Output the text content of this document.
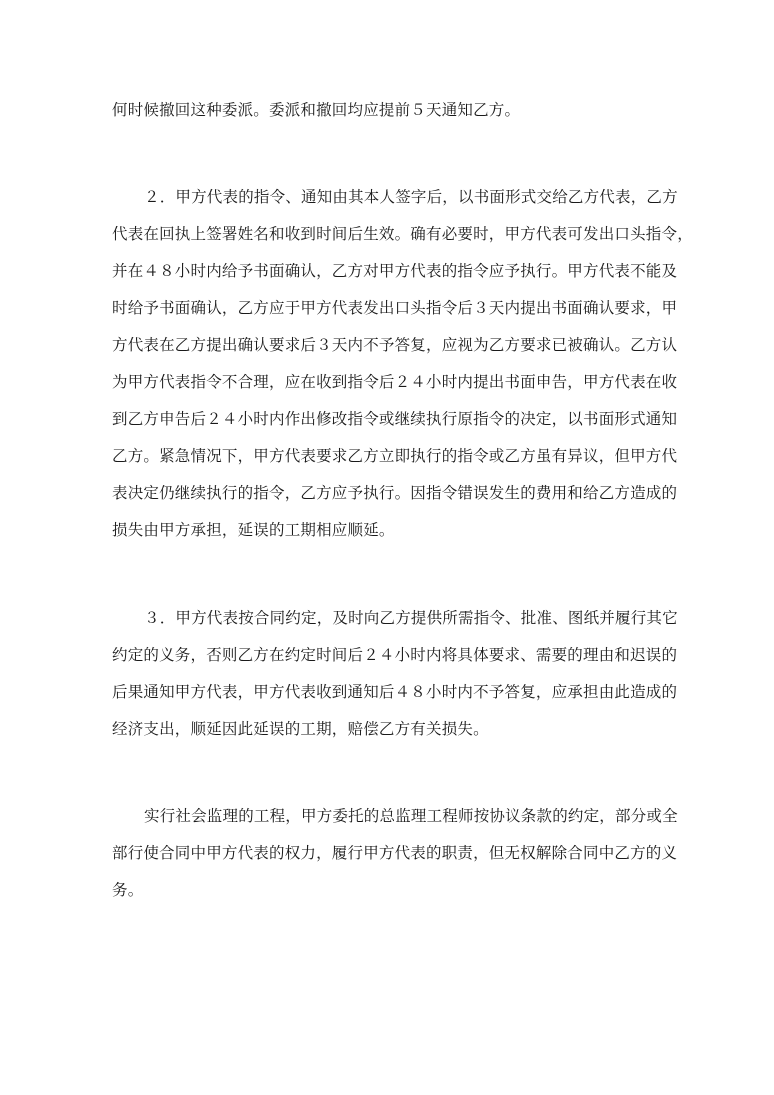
何时候撤回这种委派。委派和撤回均应提前５天通知乙方。
２．甲方代表的指令、通知由其本人签字后，以书面形式交给乙方代表，乙方
代表在回执上签署姓名和收到时间后生效。确有必要时，甲方代表可发出口头指令，
并在４８小时内给予书面确认，乙方对甲方代表的指令应予执行。甲方代表不能及
时给予书面确认，乙方应于甲方代表发出口头指令后３天内提出书面确认要求，甲
方代表在乙方提出确认要求后３天内不予答复，应视为乙方要求已被确认。乙方认
为甲方代表指令不合理，应在收到指令后２４小时内提出书面申告，甲方代表在收
到乙方申告后２４小时内作出修改指令或继续执行原指令的决定，以书面形式通知
乙方。紧急情况下，甲方代表要求乙方立即执行的指令或乙方虽有异议，但甲方代
表决定仍继续执行的指令，乙方应予执行。因指令错误发生的费用和给乙方造成的
损失由甲方承担，延误的工期相应顺延。
３．甲方代表按合同约定，及时向乙方提供所需指令、批准、图纸并履行其它
约定的义务，否则乙方在约定时间后２４小时内将具体要求、需要的理由和迟误的
后果通知甲方代表，甲方代表收到通知后４８小时内不予答复，应承担由此造成的
经济支出，顺延因此延误的工期，赔偿乙方有关损失。
实行社会监理的工程，甲方委托的总监理工程师按协议条款的约定，部分或全
部行使合同中甲方代表的权力，履行甲方代表的职责，但无权解除合同中乙方的义
务。
